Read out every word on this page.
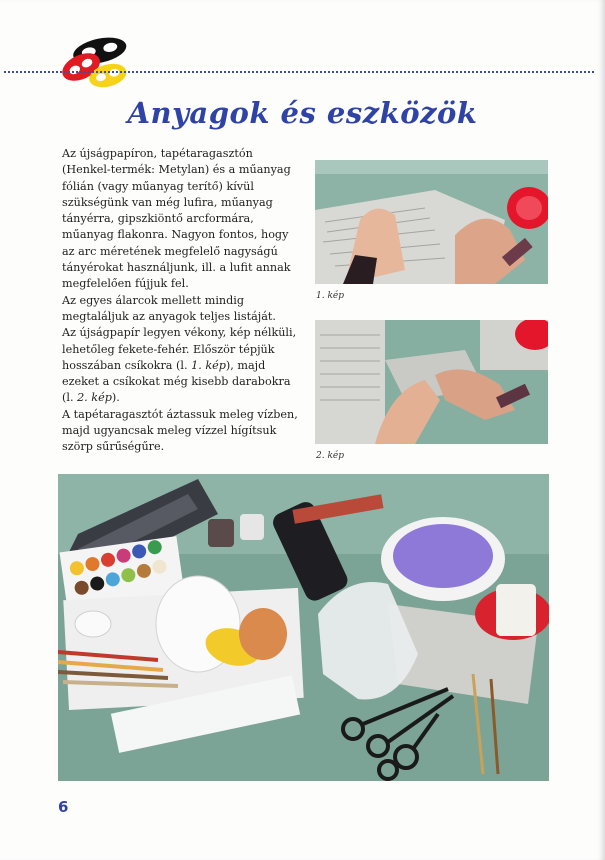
Anyagok és eszközök

Az újságpapíron, tapétaragasztón (Henkel-termék: Metylan) és a műanyag fólián (vagy műanyag terítő) kívül szükségünk van még lufira, műanyag tányérra, gipszkiöntő arcformára, műanyag flakonra. Nagyon fontos, hogy az arc méretének megfelelő nagyságú tányérokat használjunk, ill. a lufit annak megfelelően fújjuk fel.

Az egyes álarcok mellett mindig megtaláljuk az anyagok teljes listáját.

Az újságpapír legyen vékony, kép nélküli, lehetőleg fekete-fehér. Először tépjük hosszában csíkokra (l. 1. kép), majd ezeket a csíkokat még kisebb darabokra (l. 2. kép).

A tapétaragasztót áztassuk meleg vízben, majd ugyancsak meleg vízzel hígítsuk szörp sűrűségűre.

1. kép
2. kép
6
